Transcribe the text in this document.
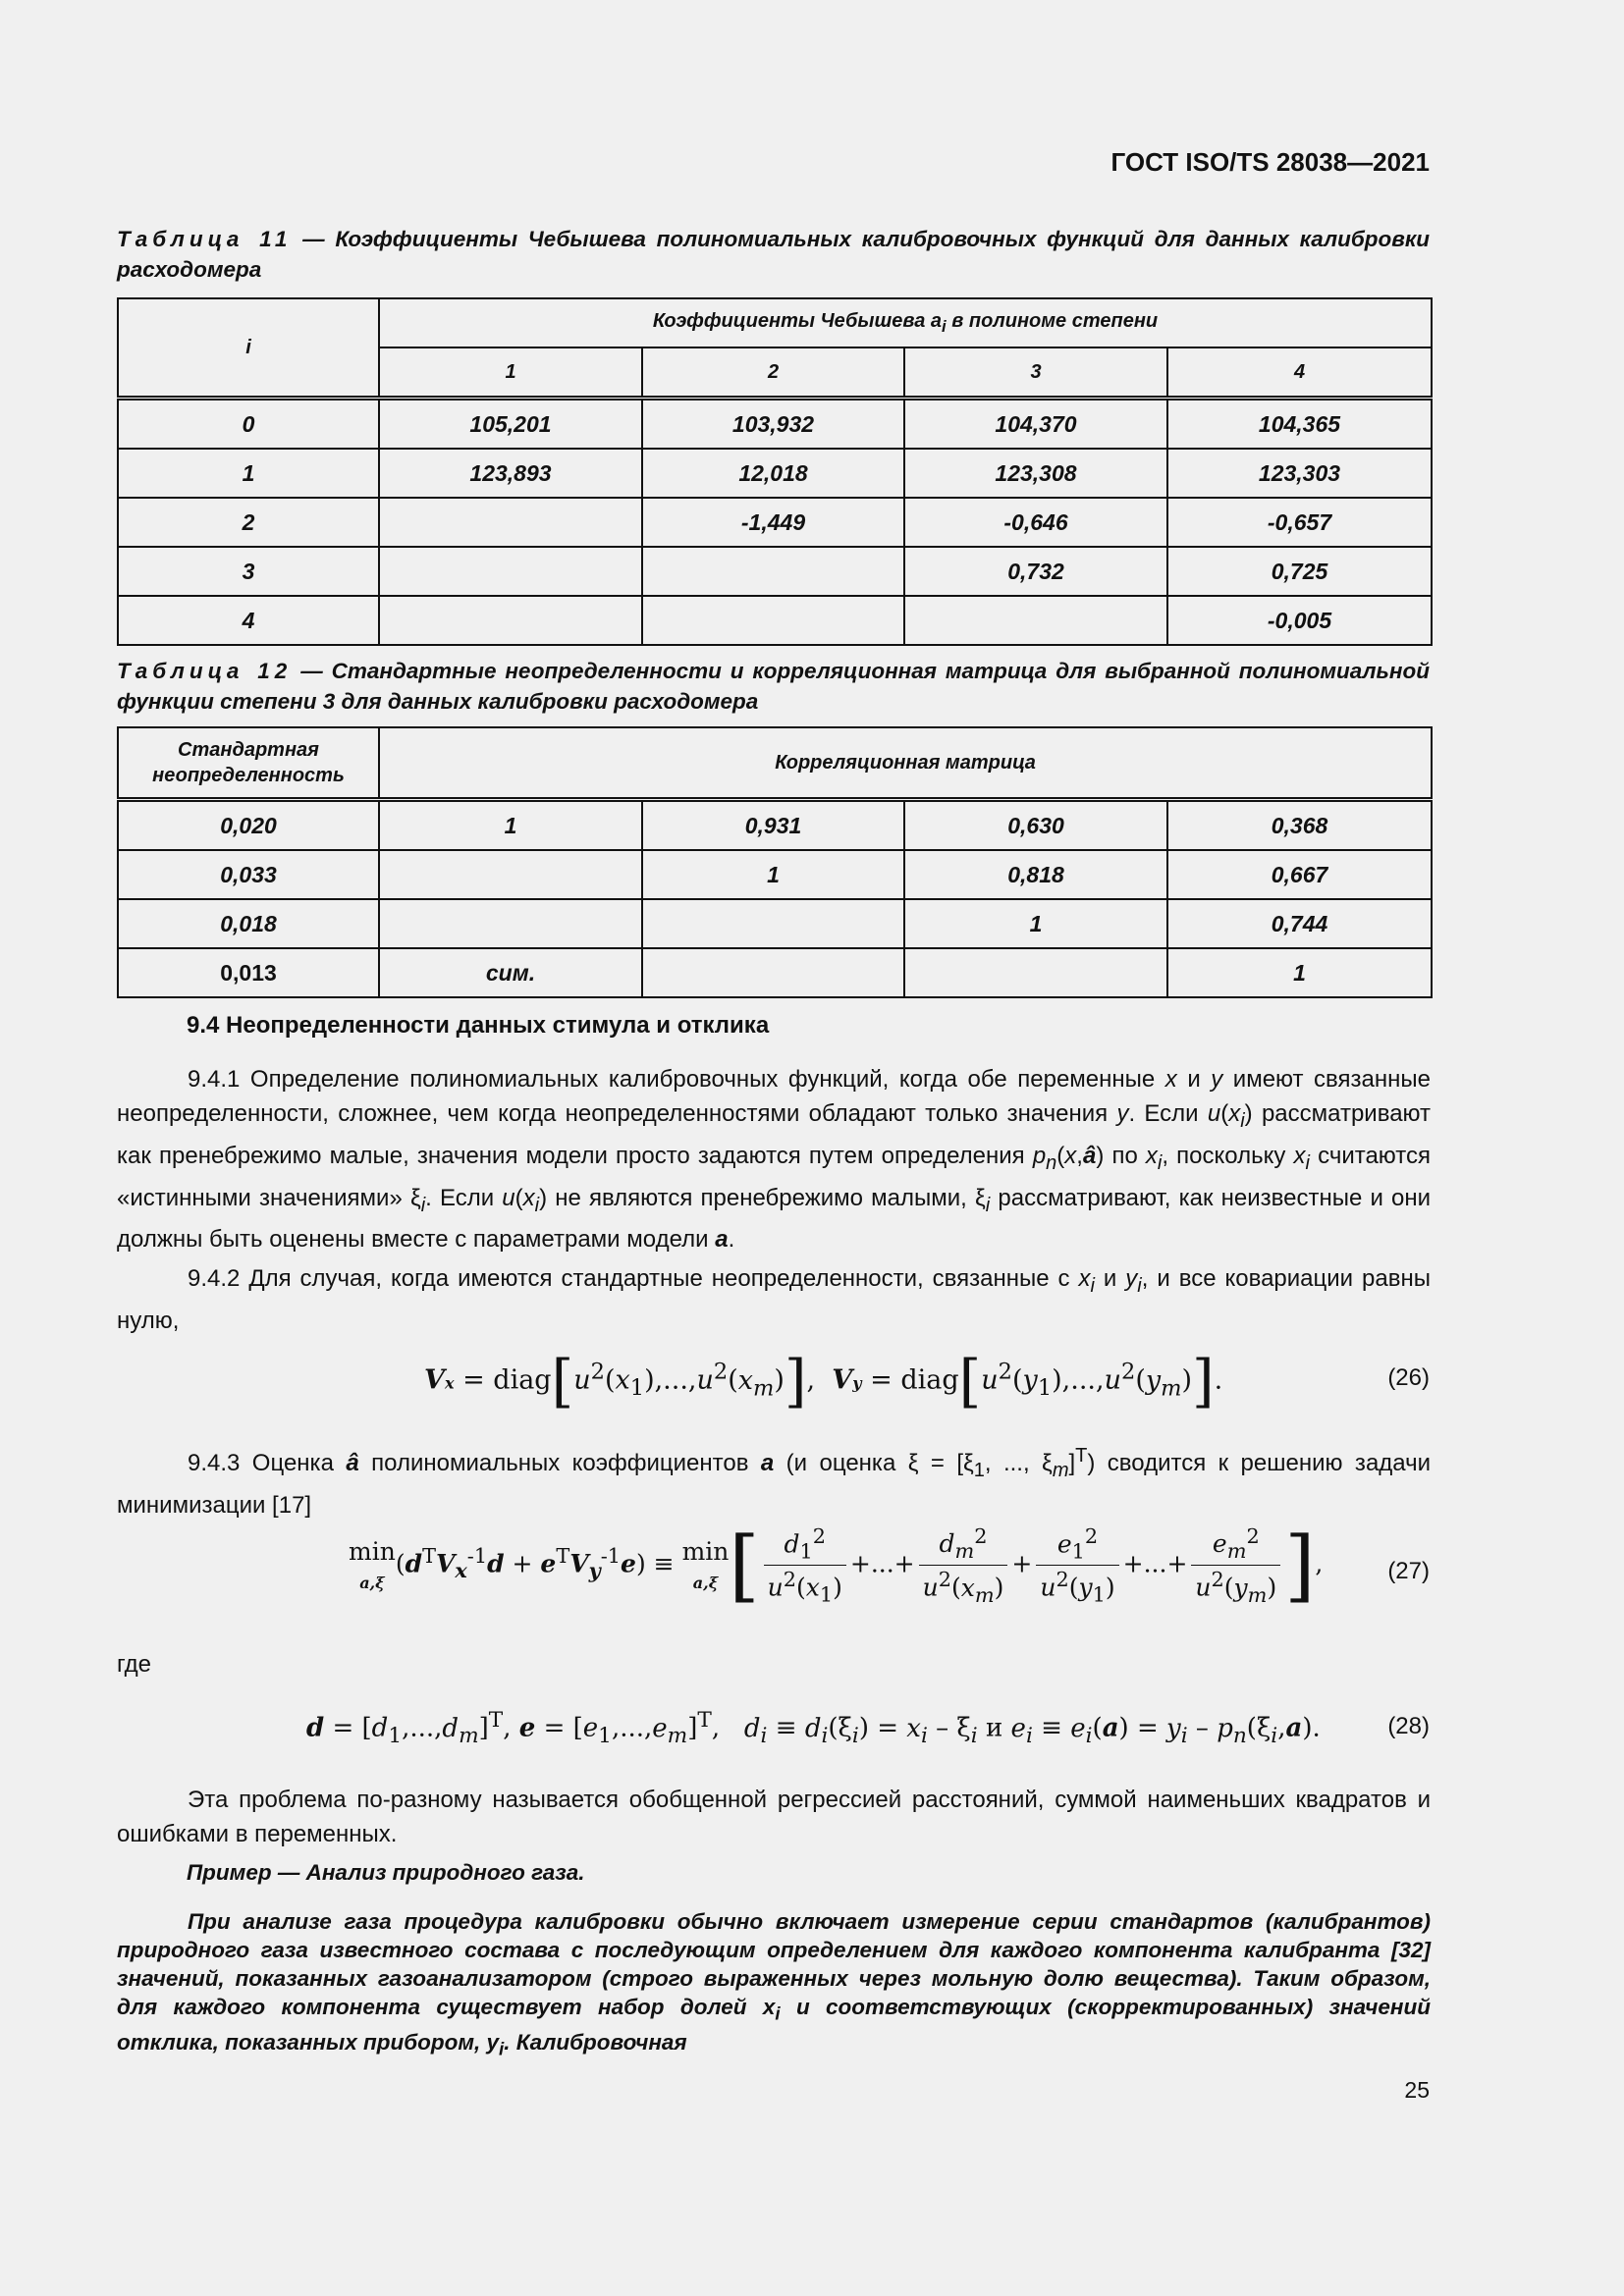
ГОСТ ISO/TS 28038—2021
Таблица 11 — Коэффициенты Чебышева полиномиальных калибровочных функций для данных калибровки расходомера
i	Коэффициенты Чебышева $a_i$ в полиноме степени			
	1	2	3	4
0	105,201	103,932	104,370	104,365
1	123,893	12,018	123,308	123,303
2		-1,449	-0,646	-0,657
3			0,732	0,725
4				-0,005
Таблица 12 — Стандартные неопределенности и корреляционная матрица для выбранной полиномиальной функции степени 3 для данных калибровки расходомера
Стандартная
неопределенность	Корреляционная матрица			
0,020	1	0,931	0,630	0,368
0,033		1	0,818	0,667
0,018			1	0,744
0,013	сим.			1
9.4 Неопределенности данных стимула и отклика
9.4.1 Определение полиномиальных калибровочных функций, когда обе переменные x и y имеют связанные неопределенности, сложнее, чем когда неопределенностями обладают только значения y. Если $u(x_i)$ рассматривают как пренебрежимо малые, значения модели просто задаются путем определения $p_n(x,â)$ по $x_i$, поскольку $x_i$ считаются «истинными значениями» $\xi_i$. Если $u(x_i)$ не являются пренебрежимо малыми, $\xi_i$ рассматривают, как неизвестные и они должны быть оценены вместе с параметрами модели a.
9.4.2 Для случая, когда имеются стандартные неопределенности, связанные с $x_i$ и $y_i$, и все ковариации равны нулю,
$Vx = diag[u^2(x_1),...,u^2(x_m)]$,  $Vy = diag[u^2(y_1),...,u^2(y_m)]$.	(26)
9.4.3 Оценка â полиномиальных коэффициентов a (и оценка $\xi = [\xi_1$, ..., $\xi_m]^T$) сводится к решению задачи минимизации [17]
min
$a,\xi(d^TV_x^{-1}d + e^TV_y^{-1}e) \equiv \min$
a,ξ [ $\frac{d_1^2}{u^2(x_1)}$ +...+ $\frac{d_m^2}{u^2(x_m)} + \frac{e_1^2}{u^2(y_1)}$ +...+ $\frac{e_m^2}{u^2(y_m)}$ ],	(27)
где
$d = [d_1,...,d_m]^T$, $e = [e_1,...,e_m]^T$,   $d_i \equiv d_i(\xi_i) = x_i - \xi_i$ и $e_i \equiv e_i(a) = y_i - p_n(\xi_i,a)$.	(28)
Эта проблема по-разному называется обобщенной регрессией расстояний, суммой наименьших квадратов и ошибками в переменных.
Пример — Анализ природного газа.
При анализе газа процедура калибровки обычно включает измерение серии стандартов (калибрантов) природного газа известного состава с последующим определением для каждого компонента калибранта [32] значений, показанных газоанализатором (строго выраженных через мольную долю вещества). Таким образом, для каждого компонента существует набор долей $x_i$ и соответствующих (скорректированных) значений отклика, показанных прибором, $y_i$. Калибровочная
25
